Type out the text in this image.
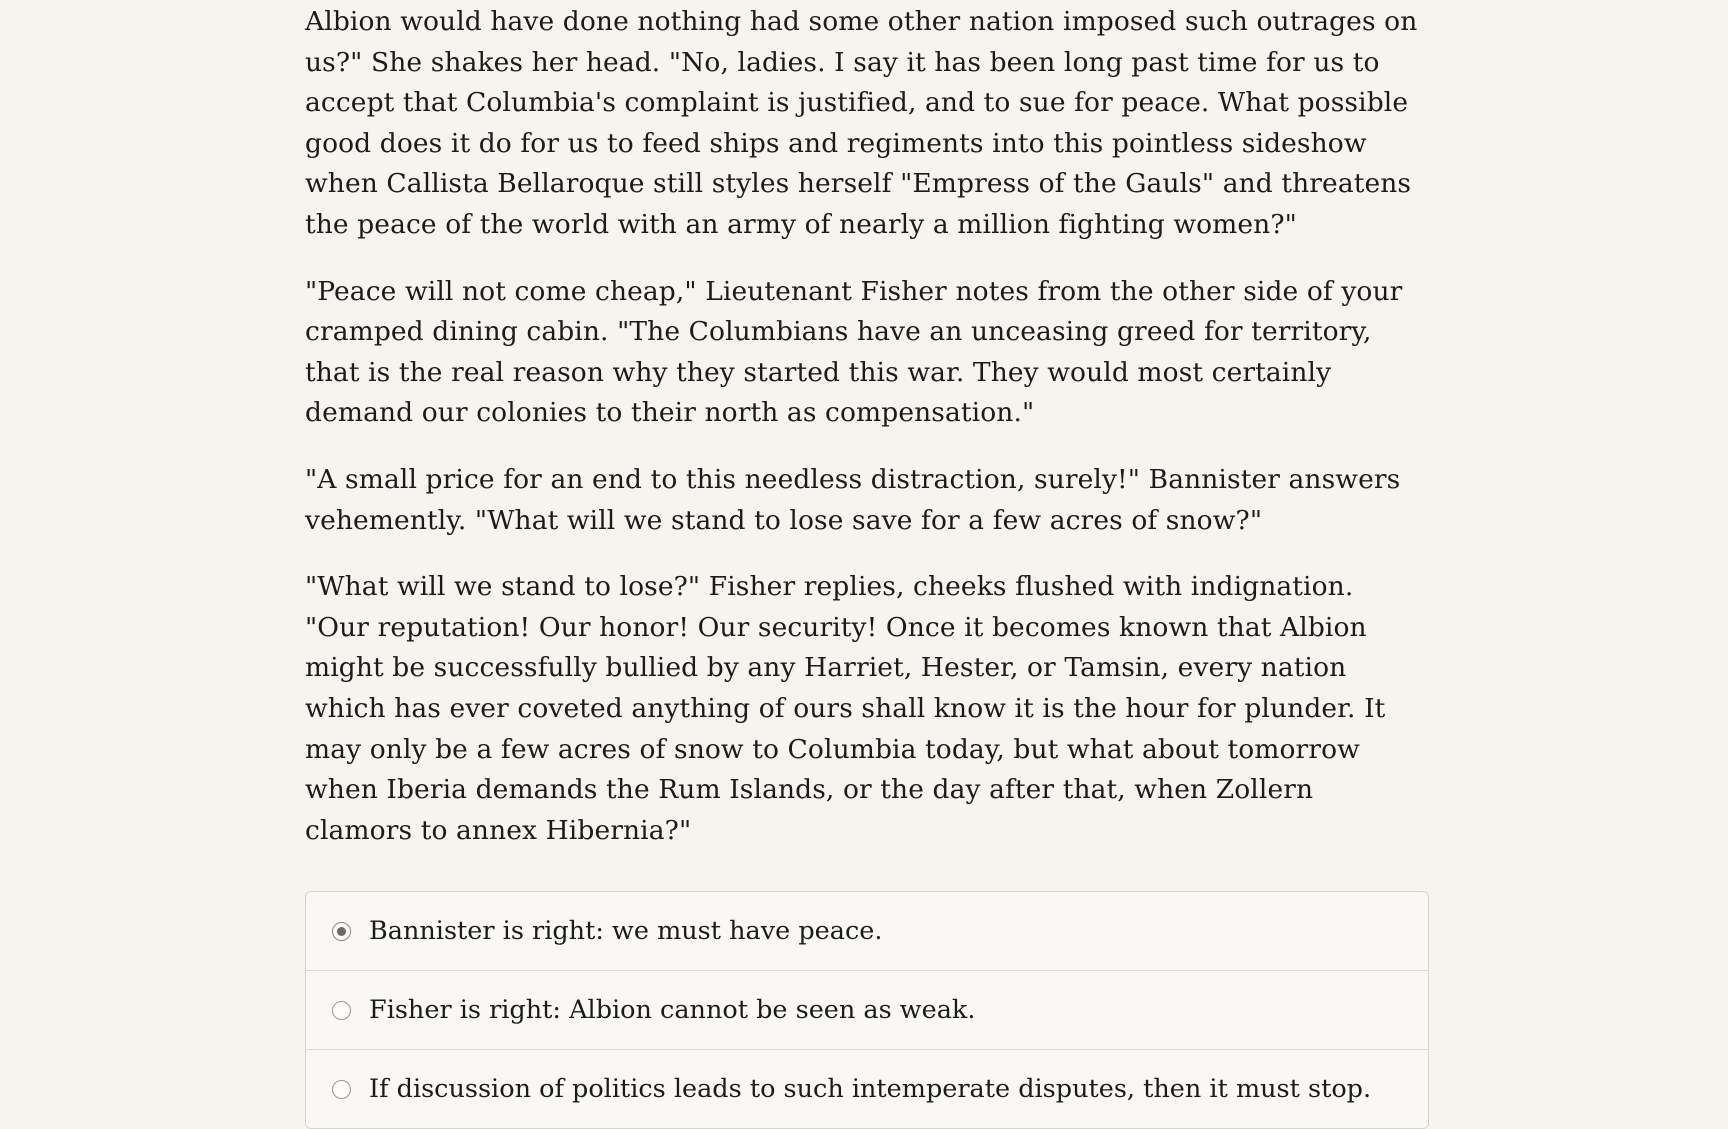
Albion would have done nothing had some other nation imposed such outrages on us?" She shakes her head. "No, ladies. I say it has been long past time for us to accept that Columbia's complaint is justified, and to sue for peace. What possible good does it do for us to feed ships and regiments into this pointless sideshow when Callista Bellaroque still styles herself "Empress of the Gauls" and threatens the peace of the world with an army of nearly a million fighting women?"

"Peace will not come cheap," Lieutenant Fisher notes from the other side of your cramped dining cabin. "The Columbians have an unceasing greed for territory, that is the real reason why they started this war. They would most certainly demand our colonies to their north as compensation."

"A small price for an end to this needless distraction, surely!" Bannister answers vehemently. "What will we stand to lose save for a few acres of snow?"

"What will we stand to lose?" Fisher replies, cheeks flushed with indignation. "Our reputation! Our honor! Our security! Once it becomes known that Albion might be successfully bullied by any Harriet, Hester, or Tamsin, every nation which has ever coveted anything of ours shall know it is the hour for plunder. It may only be a few acres of snow to Columbia today, but what about tomorrow when Iberia demands the Rum Islands, or the day after that, when Zollern clamors to annex Hibernia?"

Bannister is right: we must have peace.
Fisher is right: Albion cannot be seen as weak.
If discussion of politics leads to such intemperate disputes, then it must stop.
